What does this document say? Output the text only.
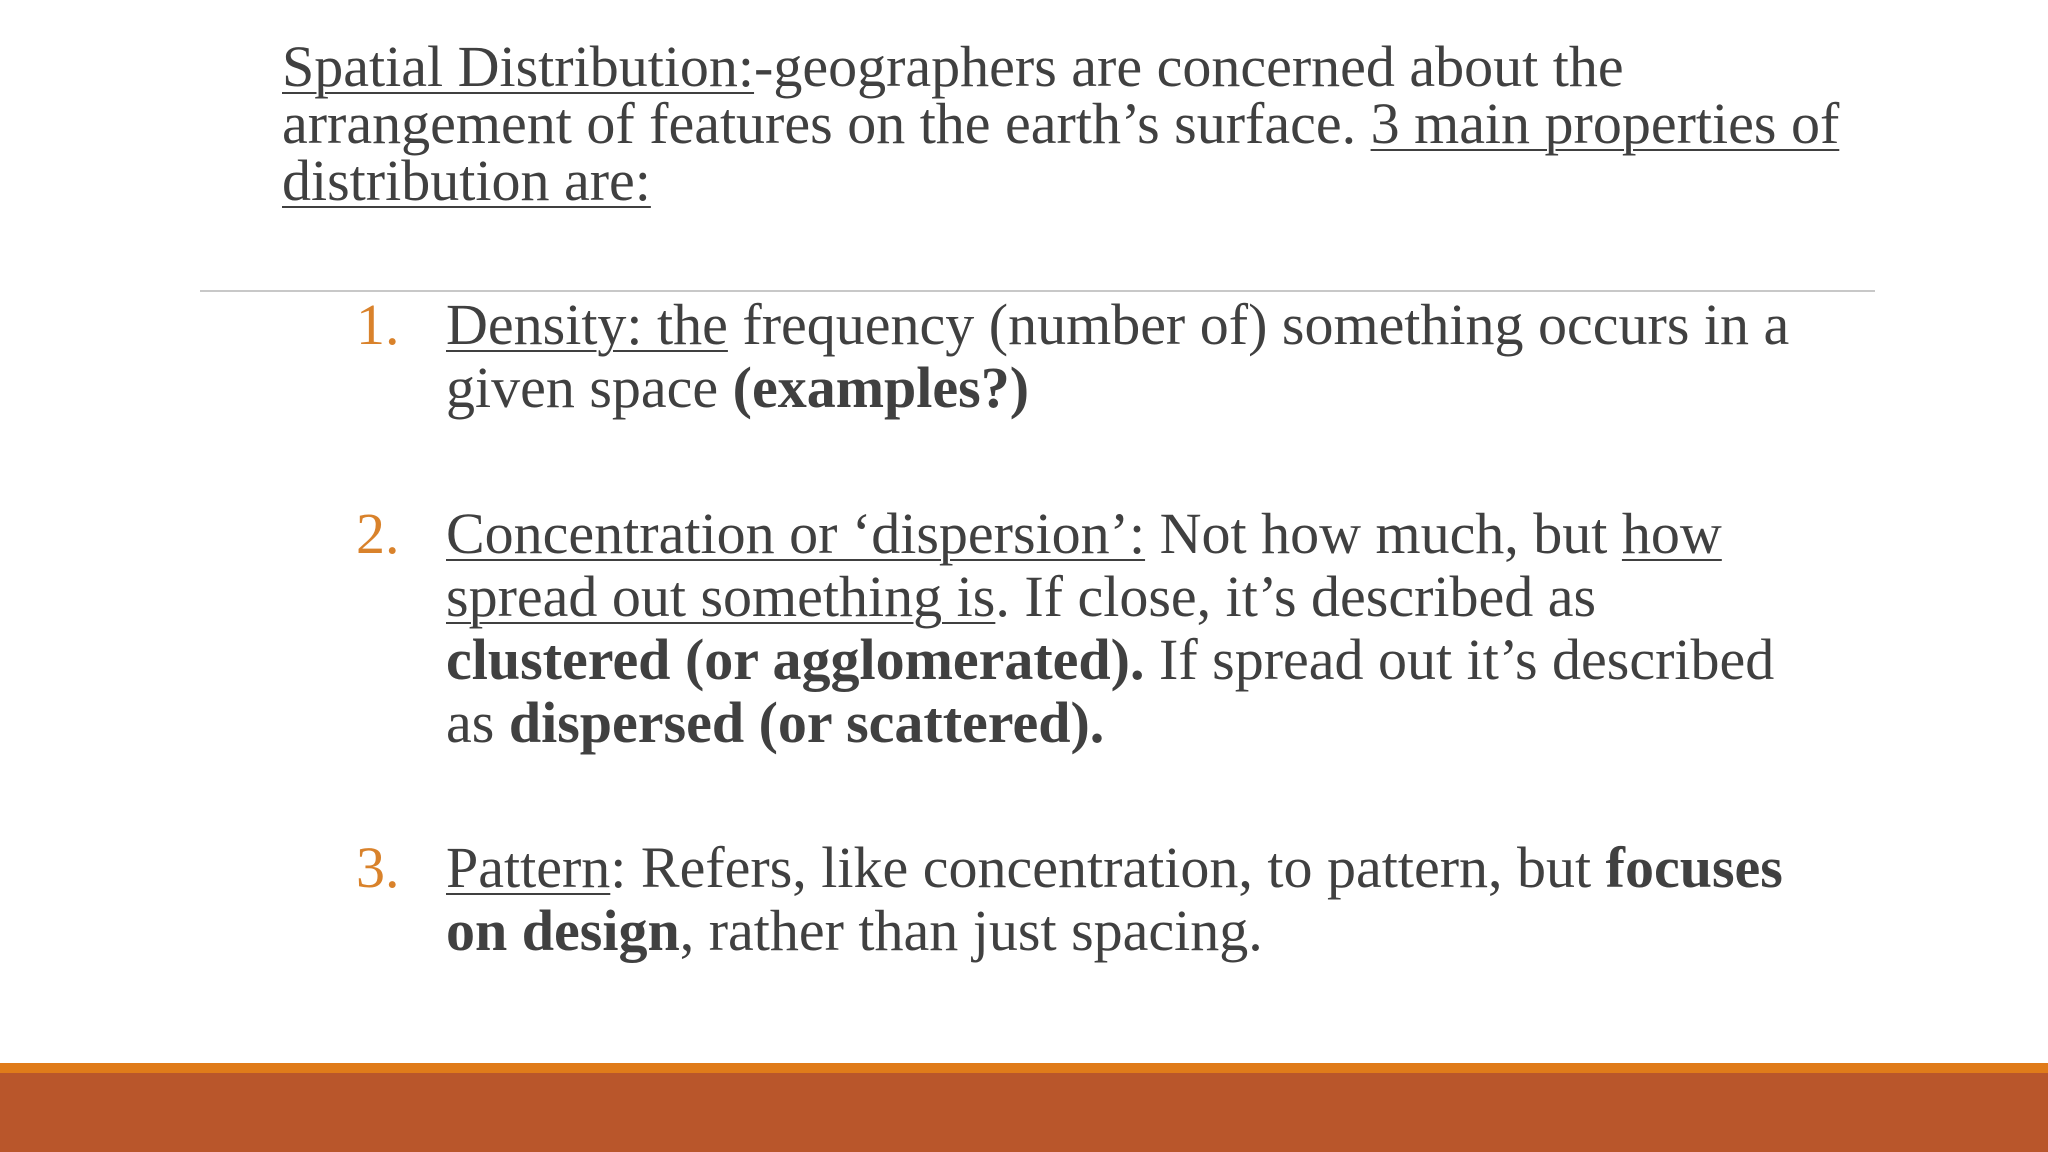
Spatial Distribution:-geographers are concerned about the arrangement of features on the earth’s surface. 3 main properties of distribution are:
1. Density: the frequency (number of) something occurs in a given space (examples?)
2. Concentration or ‘dispersion’: Not how much, but how spread out something is. If close, it’s described as clustered (or agglomerated). If spread out it’s described as dispersed (or scattered).
3. Pattern: Refers, like concentration, to pattern, but focuses on design, rather than just spacing.
